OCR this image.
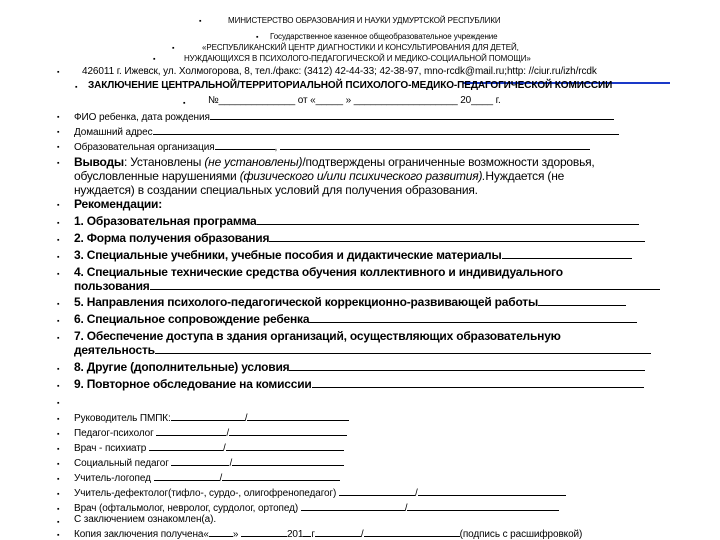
▪	МИНИСТЕРСТВО ОБРАЗОВАНИЯ И НАУКИ УДМУРТСКОЙ РЕСПУБЛИКИ
▪ Государственное казенное общеобразовательное учреждение
▪	«РЕСПУБЛИКАНСКИЙ ЦЕНТР ДИАГНОСТИКИ И КОНСУЛЬТИРОВАНИЯ ДЛЯ ДЕТЕЙ,
▪	НУЖДАЮЩИХСЯ В ПСИХОЛОГО-ПЕДАГОГИЧЕСКОЙ И МЕДИКО-СОЦИАЛЬНОЙ ПОМОЩИ»
▪ 426011 г. Ижевск, ул. Холмогорова, 8, тел./факс: (3412) 42-44-33; 42-38-97, mno-rcdk@mail.ru;http: //ciur.ru/izh/rcdk
▪ ЗАКЛЮЧЕНИЕ ЦЕНТРАЛЬНОЙ/ТЕРРИТОРИАЛЬНОЙ ПСИХОЛОГО-МЕДИКО-ПЕДАГОГИЧЕСКОЙ КОМИССИИ
▪ №______________ от «_____ » ___________________ 20____ г.
▪ ФИО ребенка, дата рождения
▪ Домашний адрес
▪ Образовательная организация	,
▪ Выводы: Установлены (не установлены)/подтверждены ограниченные возможности здоровья,
обусловленные нарушениями (физического и/или психического развития).Нуждается (не
нуждается) в создании специальных условий для получения образования.
▪ Рекомендации:
▪ 1. Образовательная программа
▪ 2. Форма получения образования
▪ 3. Специальные учебники, учебные пособия и дидактические материалы
▪ 4. Специальные технические средства обучения коллективного и индивидуального
пользования
▪ 5. Направления психолого-педагогической коррекционно-развивающей работы
▪ 6. Специальное сопровождение ребенка
▪ 7. Обеспечение доступа в здания организаций, осуществляющих образовательную
деятельность
▪ 8. Другие (дополнительные) условия
▪ 9. Повторное обследование на комиссии
▪
▪ Руководитель ПМПК:	/
▪ Педагог-психолог	/
▪ Врач - психиатр	/
▪ Социальный педагог	/
▪ Учитель-логопед	/
▪ Учитель-дефектолог(тифло-, сурдо-, олигофренопедагог)	/
▪ Врач (офтальмолог, невролог, сурдолог, ортопед)	/
▪ С заключением ознакомлен(а).
▪ Копия заключения получена« »	201 г	/	(подпись с расшифровкой)
